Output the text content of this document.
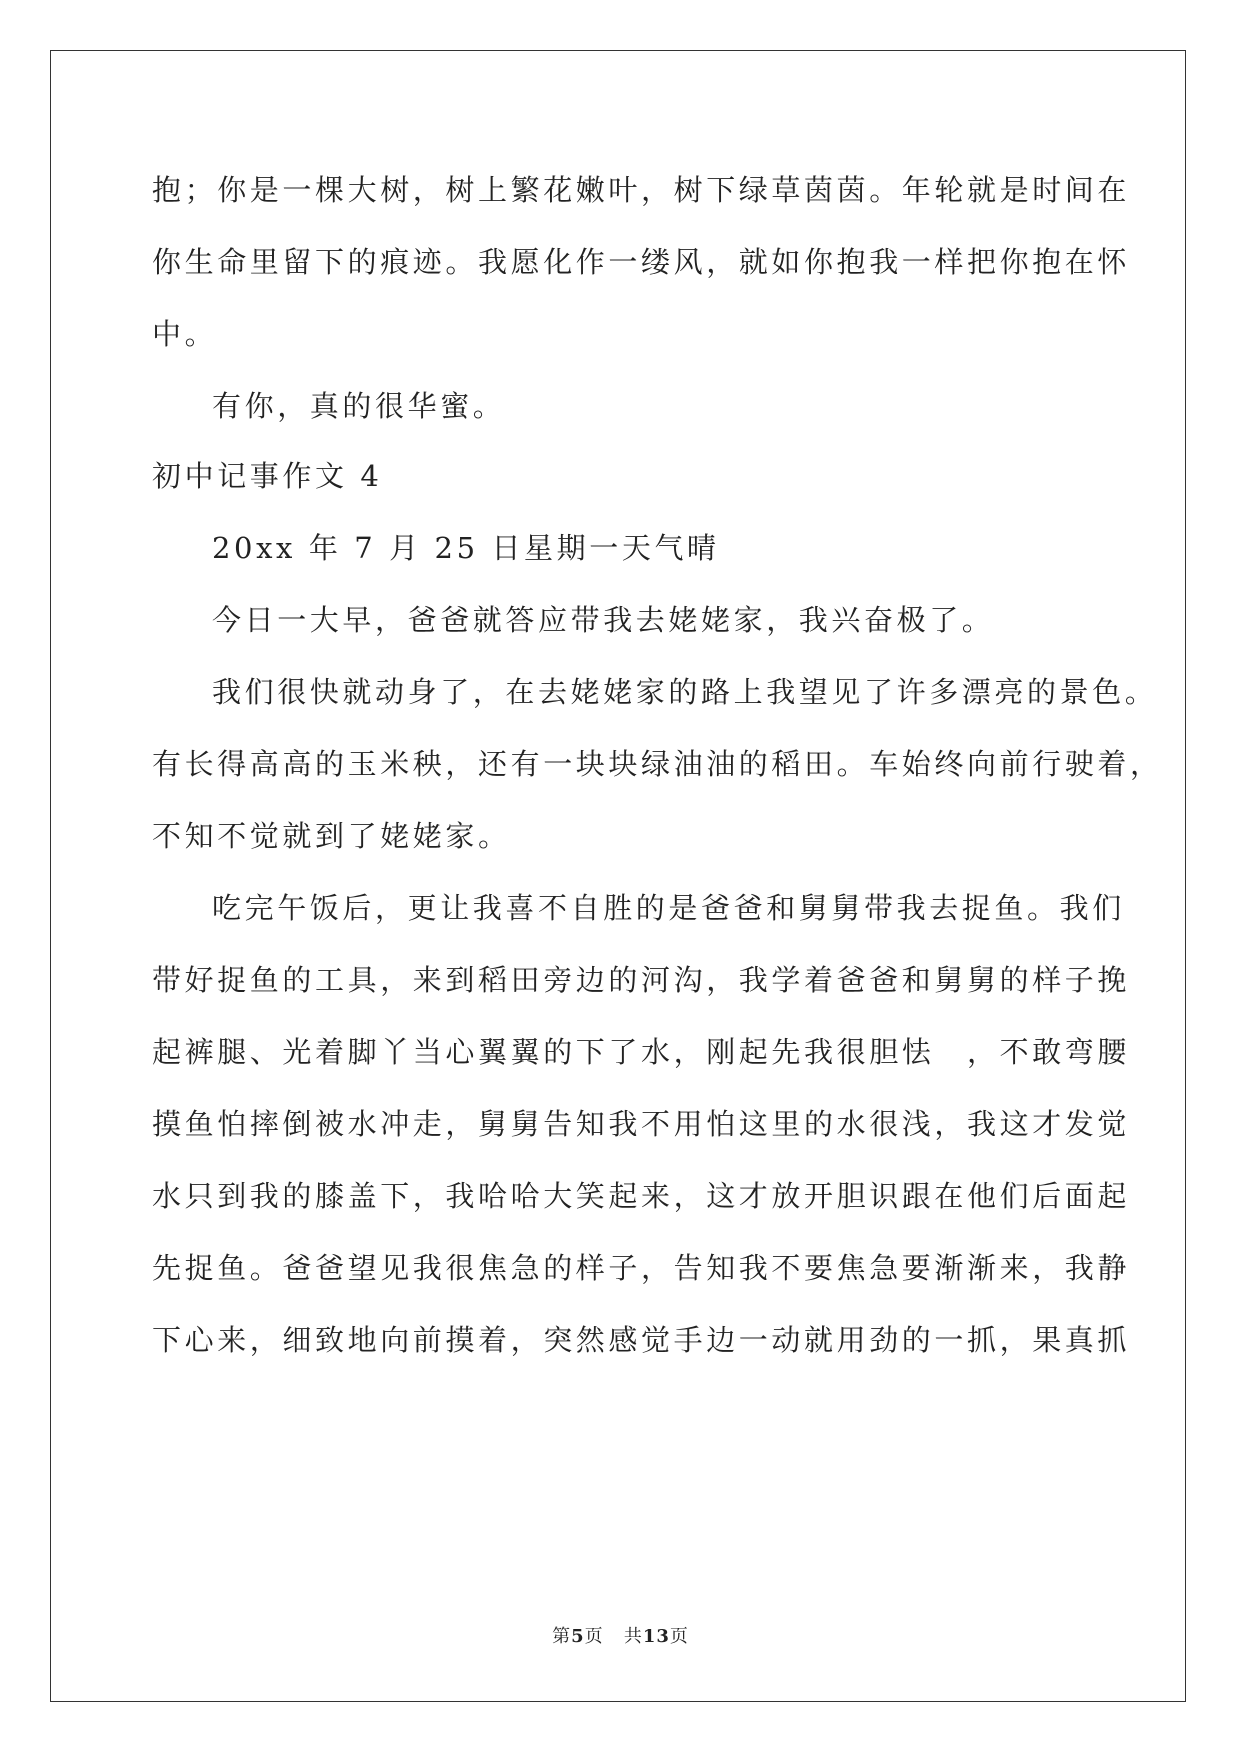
抱；你是一棵大树，树上繁花嫩叶，树下绿草茵茵。年轮就是时间在
你生命里留下的痕迹。我愿化作一缕风，就如你抱我一样把你抱在怀
中。
有你，真的很华蜜。
初中记事作文 4
20xx 年 7 月 25 日星期一天气晴
今日一大早，爸爸就答应带我去姥姥家，我兴奋极了。
我们很快就动身了，在去姥姥家的路上我望见了许多漂亮的景色。
有长得高高的玉米秧，还有一块块绿油油的稻田。车始终向前行驶着，
不知不觉就到了姥姥家。
吃完午饭后，更让我喜不自胜的是爸爸和舅舅带我去捉鱼。我们
带好捉鱼的工具，来到稻田旁边的河沟，我学着爸爸和舅舅的样子挽
起裤腿、光着脚丫当心翼翼的下了水，刚起先我很胆怯　，不敢弯腰
摸鱼怕摔倒被水冲走，舅舅告知我不用怕这里的水很浅，我这才发觉
水只到我的膝盖下，我哈哈大笑起来，这才放开胆识跟在他们后面起
先捉鱼。爸爸望见我很焦急的样子，告知我不要焦急要渐渐来，我静
下心来，细致地向前摸着，突然感觉手边一动就用劲的一抓，果真抓
第5页 共13页
